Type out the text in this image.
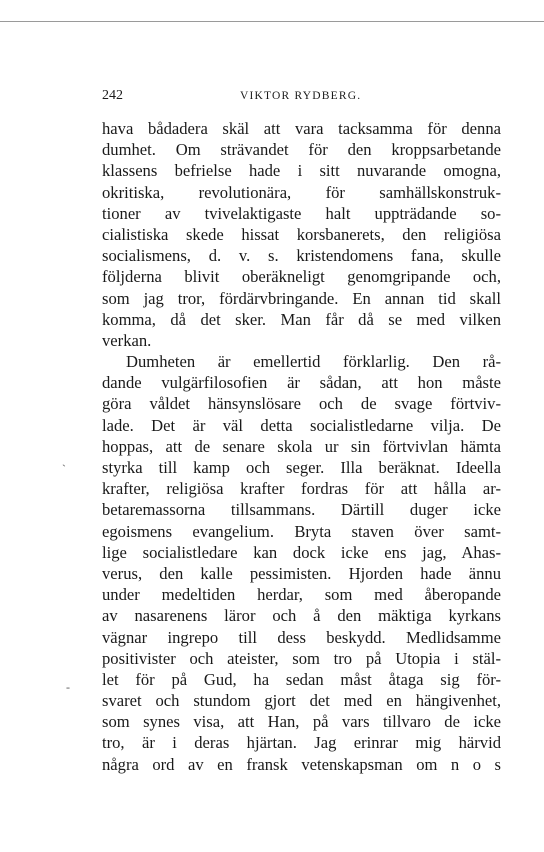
242	VIKTOR RYDBERG.
`
-
hava bådadera skäl att vara tacksamma för denna
dumhet. Om strävandet för den kroppsarbetande
klassens befrielse hade i sitt nuvarande omogna,
okritiska, revolutionära, för samhällskonstruk-
tioner av tvivelaktigaste halt uppträdande so-
cialistiska skede hissat korsbanerets, den religiösa
socialismens, d. v. s. kristendomens fana, skulle
följderna blivit oberäkneligt genomgripande och,
som jag tror, fördärvbringande. En annan tid skall
komma, då det sker. Man får då se med vilken
verkan.
Dumheten är emellertid förklarlig. Den rå-
dande vulgärfilosofien är sådan, att hon måste
göra våldet hänsynslösare och de svage förtviv-
lade. Det är väl detta socialistledarne vilja. De
hoppas, att de senare skola ur sin förtvivlan hämta
styrka till kamp och seger. Illa beräknat. Ideella
krafter, religiösa krafter fordras för att hålla ar-
betaremassorna tillsammans. Därtill duger icke
egoismens evangelium. Bryta staven över samt-
lige socialistledare kan dock icke ens jag, Ahas-
verus, den kalle pessimisten. Hjorden hade ännu
under medeltiden herdar, som med åberopande
av nasarenens läror och å den mäktiga kyrkans
vägnar ingrepo till dess beskydd. Medlidsamme
positivister och ateister, som tro på Utopia i stäl-
let för på Gud, ha sedan måst åtaga sig för-
svaret och stundom gjort det med en hängivenhet,
som synes visa, att Han, på vars tillvaro de icke
tro, är i deras hjärtan. Jag erinrar mig härvid
några ord av en fransk vetenskapsman om n o s
